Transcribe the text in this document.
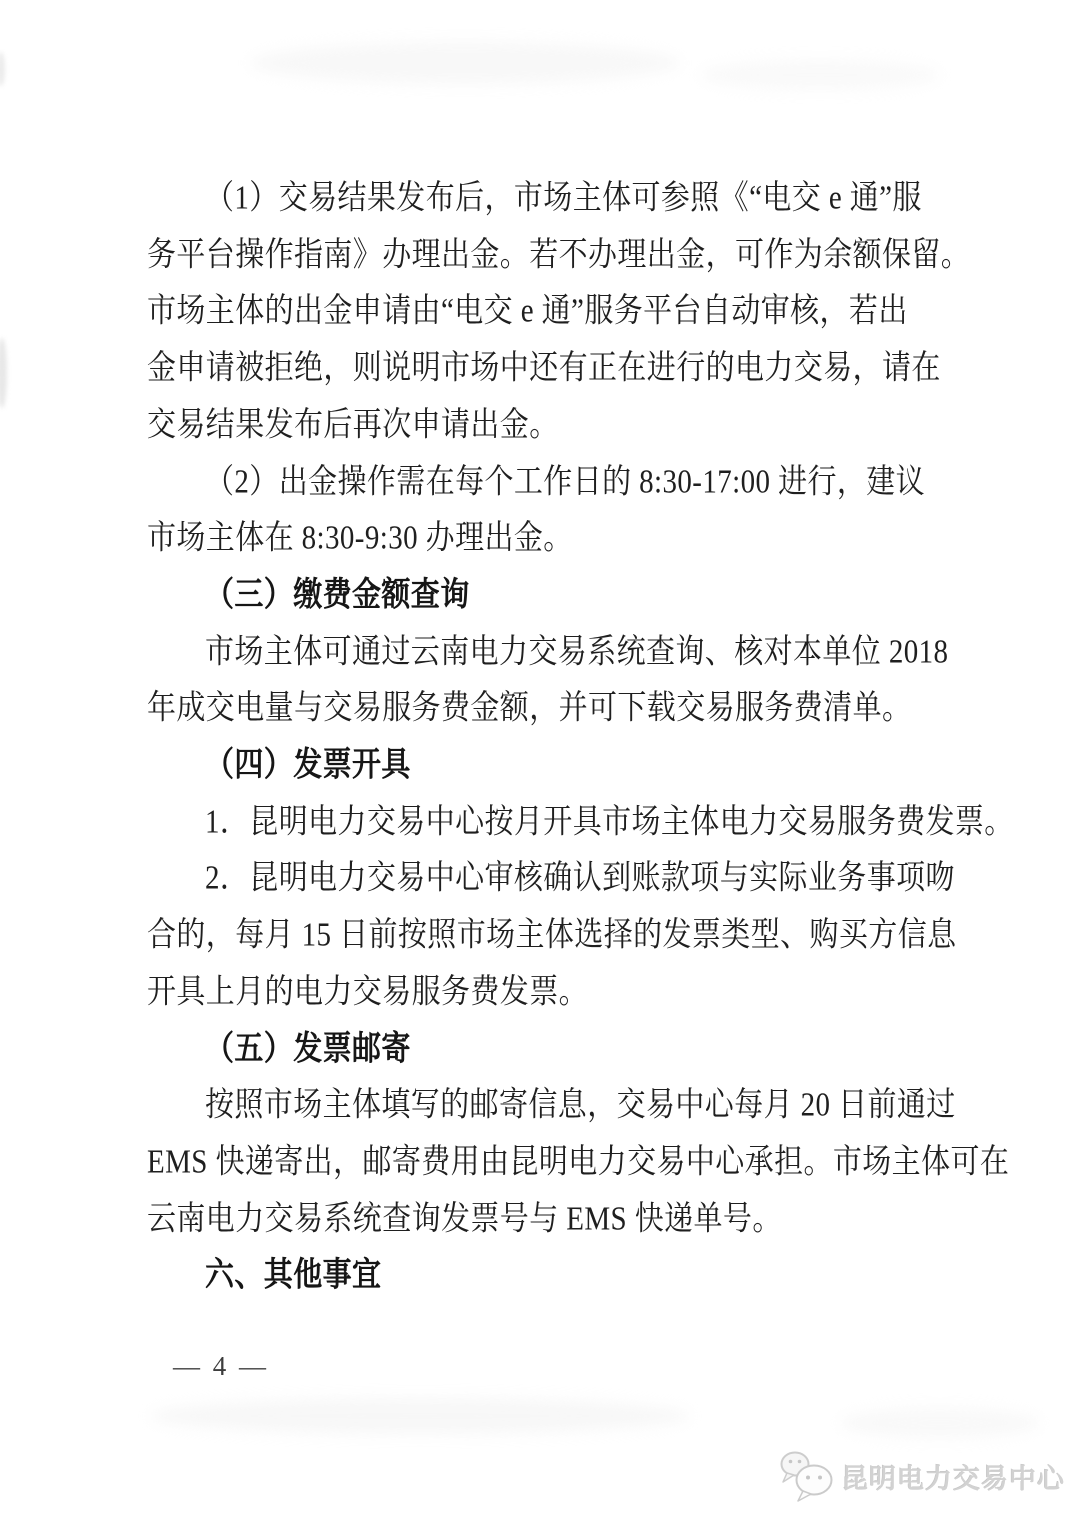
（1）交易结果发布后，市场主体可参照《“电交 e 通”服
务平台操作指南》办理出金。若不办理出金，可作为余额保留。
市场主体的出金申请由“电交 e 通”服务平台自动审核，若出
金申请被拒绝，则说明市场中还有正在进行的电力交易，请在
交易结果发布后再次申请出金。
（2）出金操作需在每个工作日的 8:30-17:00 进行，建议
市场主体在 8:30-9:30 办理出金。
（三）缴费金额查询
市场主体可通过云南电力交易系统查询、核对本单位 2018
年成交电量与交易服务费金额，并可下载交易服务费清单。
（四）发票开具
1．昆明电力交易中心按月开具市场主体电力交易服务费发票。
2．昆明电力交易中心审核确认到账款项与实际业务事项吻
合的，每月 15 日前按照市场主体选择的发票类型、购买方信息
开具上月的电力交易服务费发票。
（五）发票邮寄
按照市场主体填写的邮寄信息，交易中心每月 20 日前通过
EMS 快递寄出，邮寄费用由昆明电力交易中心承担。市场主体可在
云南电力交易系统查询发票号与 EMS 快递单号。
六、其他事宜
— 4 —
昆明电力交易中心
